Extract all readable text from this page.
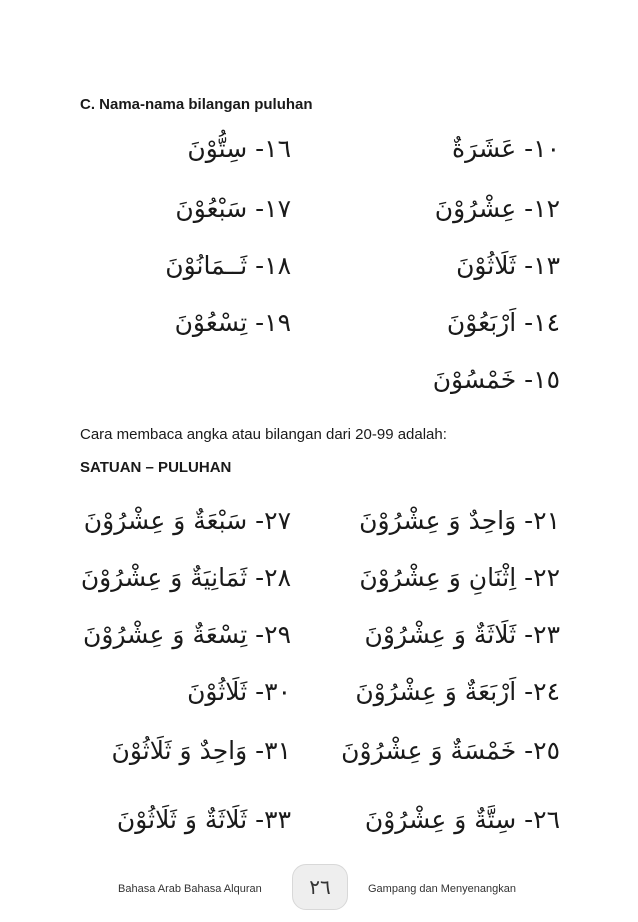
C. Nama-nama bilangan puluhan
١٠- عَشَرَةٌ
١٢- عِشْرُوْنَ
١٣- ثَلَاثُوْنَ
١٤- اَرْبَعُوْنَ
١٥- خَمْسُوْنَ
١٦- سِتُّوْنَ
١٧- سَبْعُوْنَ
١٨- ثَــمَانُوْنَ
١٩- تِسْعُوْنَ
Cara membaca angka atau bilangan dari 20-99 adalah:
SATUAN – PULUHAN
٢١- وَاحِدٌ وَ عِشْرُوْنَ
٢٢- اِثْنَانِ وَ عِشْرُوْنَ
٢٣- ثَلَاثَةٌ وَ عِشْرُوْنَ
٢٤- اَرْبَعَةٌ وَ عِشْرُوْنَ
٢٥- خَمْسَةٌ وَ عِشْرُوْنَ
٢٦- سِتَّةٌ وَ عِشْرُوْنَ
٢٧- سَبْعَةٌ وَ عِشْرُوْنَ
٢٨- ثَمَانِيَةٌ وَ عِشْرُوْنَ
٢٩- تِسْعَةٌ وَ عِشْرُوْنَ
٣٠- ثَلَاثُوْنَ
٣١- وَاحِدٌ وَ ثَلَاثُوْنَ
٣٣- ثَلَاثَةٌ وَ ثَلَاثُوْنَ
Bahasa Arab Bahasa Alquran	٢٦	Gampang dan Menyenangkan
